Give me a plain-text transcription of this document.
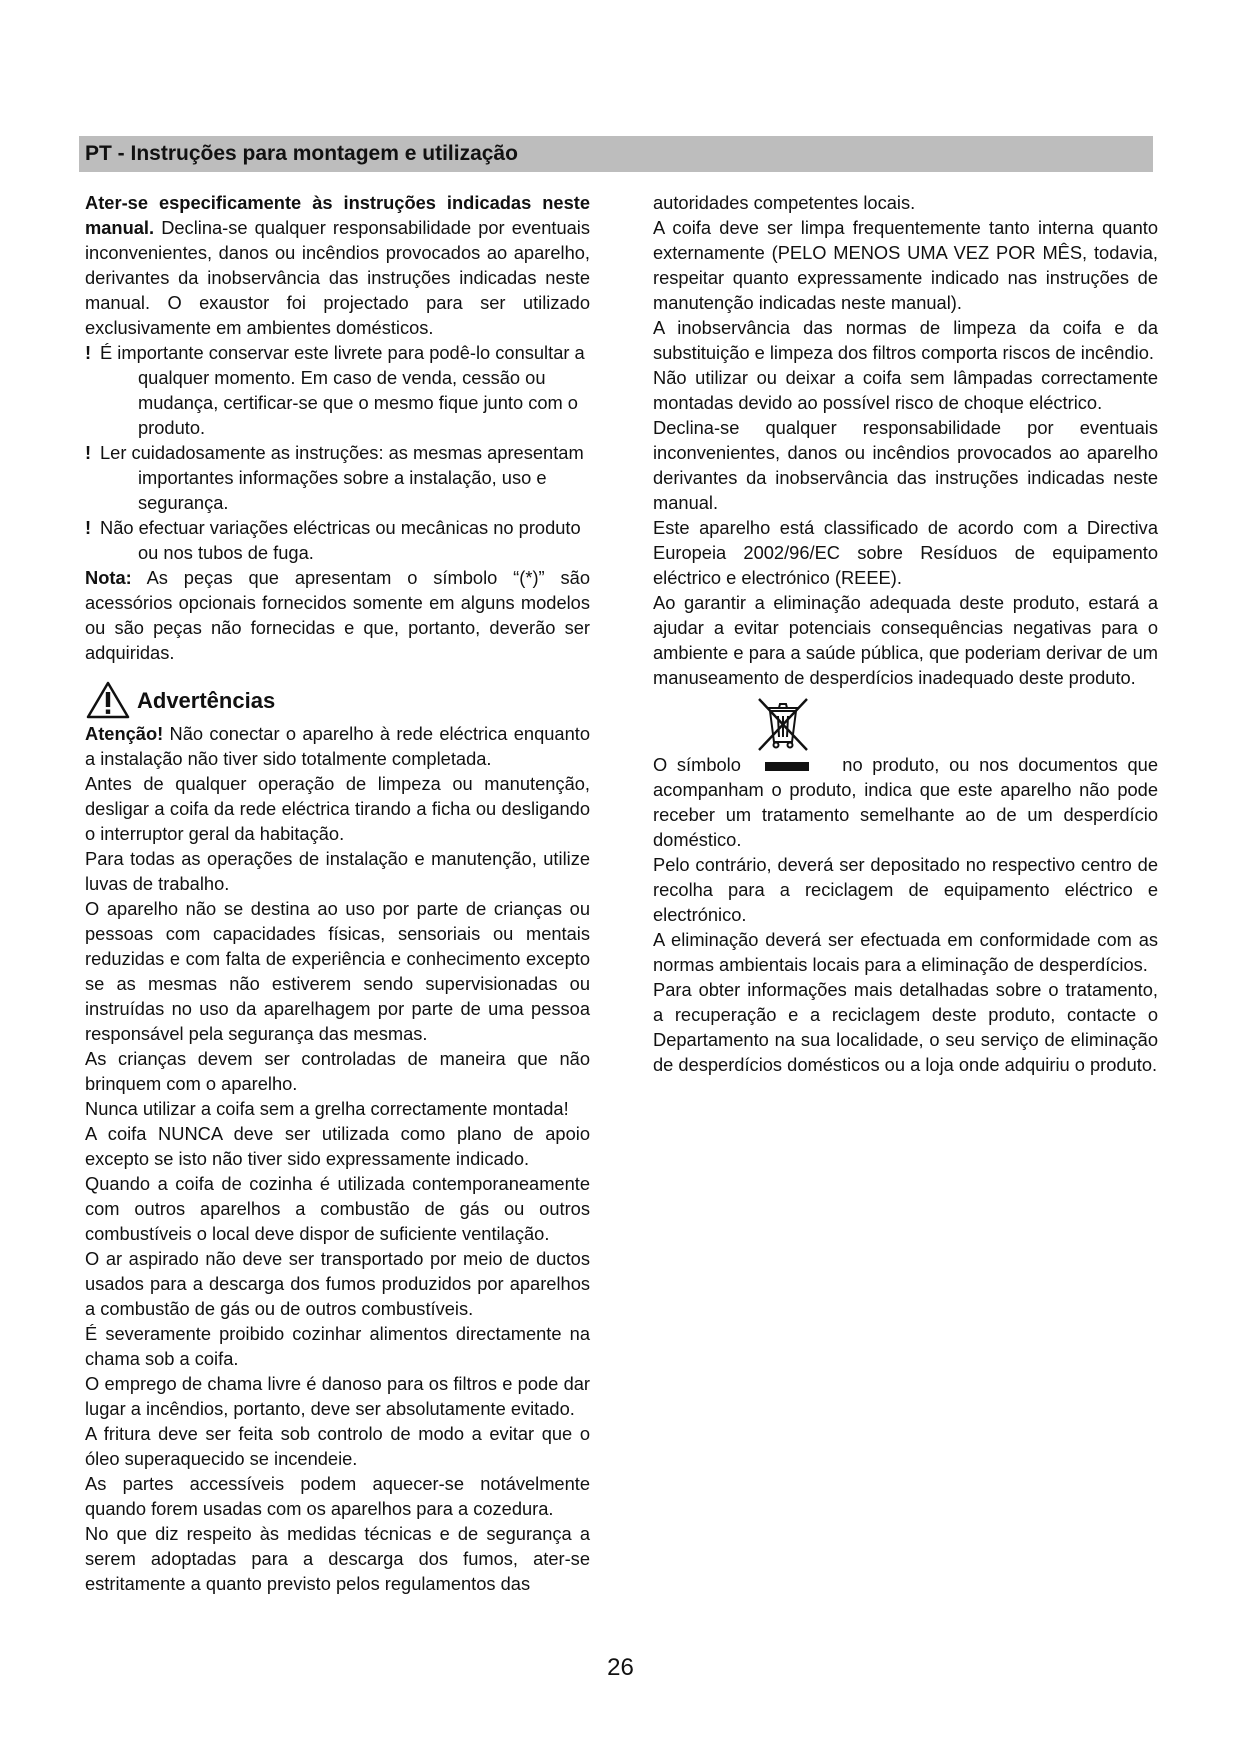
PT - Instruções para montagem e utilização

Ater-se especificamente às instruções indicadas neste manual. Declina-se qualquer responsabilidade por eventuais inconvenientes, danos ou incêndios provocados ao aparelho, derivantes da inobservância das instruções indicadas neste manual. O exaustor foi projectado para ser utilizado exclusivamente em ambientes domésticos.

! É importante conservar este livrete para podê-lo consultar a qualquer momento. Em caso de venda, cessão ou mudança, certificar-se que o mesmo fique junto com o produto.
! Ler cuidadosamente as instruções: as mesmas apresentam importantes informações sobre a instalação, uso e segurança.
! Não efectuar variações eléctricas ou mecânicas no produto ou nos tubos de fuga.

Nota: As peças que apresentam o símbolo “(*)” são acessórios opcionais fornecidos somente em alguns modelos ou são peças não fornecidas e que, portanto, deverão ser adquiridas.

Advertências

Atenção! Não conectar o aparelho à rede eléctrica enquanto a instalação não tiver sido totalmente completada.

Antes de qualquer operação de limpeza ou manutenção, desligar a coifa da rede eléctrica tirando a ficha ou desligando o interruptor geral da habitação.

Para todas as operações de instalação e manutenção, utilize luvas de trabalho.

O aparelho não se destina ao uso por parte de crianças ou pessoas com capacidades físicas, sensoriais ou mentais reduzidas e com falta de experiência e conhecimento excepto se as mesmas não estiverem sendo supervisionadas ou instruídas no uso da aparelhagem por parte de uma pessoa responsável pela segurança das mesmas.

As crianças devem ser controladas de maneira que não brinquem com o aparelho.

Nunca utilizar a coifa sem a grelha correctamente montada!

A coifa NUNCA deve ser utilizada como plano de apoio excepto se isto não tiver sido expressamente indicado.

Quando a coifa de cozinha é utilizada contemporaneamente com outros aparelhos a combustão de gás ou outros combustíveis o local deve dispor de suficiente ventilação.

O ar aspirado não deve ser transportado por meio de ductos usados para a descarga dos fumos produzidos por aparelhos a combustão de gás ou de outros combustíveis.

É severamente proibido cozinhar alimentos directamente na chama sob a coifa.

O emprego de chama livre é danoso para os filtros e pode dar lugar a incêndios, portanto, deve ser absolutamente evitado.

A fritura deve ser feita sob controlo de modo a evitar que o óleo superaquecido se incendeie.

As partes accessíveis podem aquecer-se notávelmente quando forem usadas com os aparelhos para a cozedura.

No que diz respeito às medidas técnicas e de segurança a serem adoptadas para a descarga dos fumos, ater-se estritamente a quanto previsto pelos regulamentos das

autoridades competentes locais.

A coifa deve ser limpa frequentemente tanto interna quanto externamente (PELO MENOS UMA VEZ POR MÊS, todavia, respeitar quanto expressamente indicado nas instruções de manutenção indicadas neste manual).

A inobservância das normas de limpeza da coifa e da substituição e limpeza dos filtros comporta riscos de incêndio.

Não utilizar ou deixar a coifa sem lâmpadas correctamente montadas devido ao possível risco de choque eléctrico.

Declina-se qualquer responsabilidade por eventuais inconvenientes, danos ou incêndios provocados ao aparelho derivantes da inobservância das instruções indicadas neste manual.

Este aparelho está classificado de acordo com a Directiva Europeia 2002/96/EC sobre Resíduos de equipamento eléctrico e electrónico (REEE).

Ao garantir a eliminação adequada deste produto, estará a ajudar a evitar potenciais consequências negativas para o ambiente e para a saúde pública, que poderiam derivar de um manuseamento de desperdícios inadequado deste produto.

O símbolo	no produto, ou nos documentos que acompanham o produto, indica que este aparelho não pode receber um tratamento semelhante ao de um desperdício doméstico.

Pelo contrário, deverá ser depositado no respectivo centro de recolha para a reciclagem de equipamento eléctrico e electrónico.

A eliminação deverá ser efectuada em conformidade com as normas ambientais locais para a eliminação de desperdícios.

Para obter informações mais detalhadas sobre o tratamento, a recuperação e a reciclagem deste produto, contacte o Departamento na sua localidade, o seu serviço de eliminação de desperdícios domésticos ou a loja onde adquiriu o produto.

26
